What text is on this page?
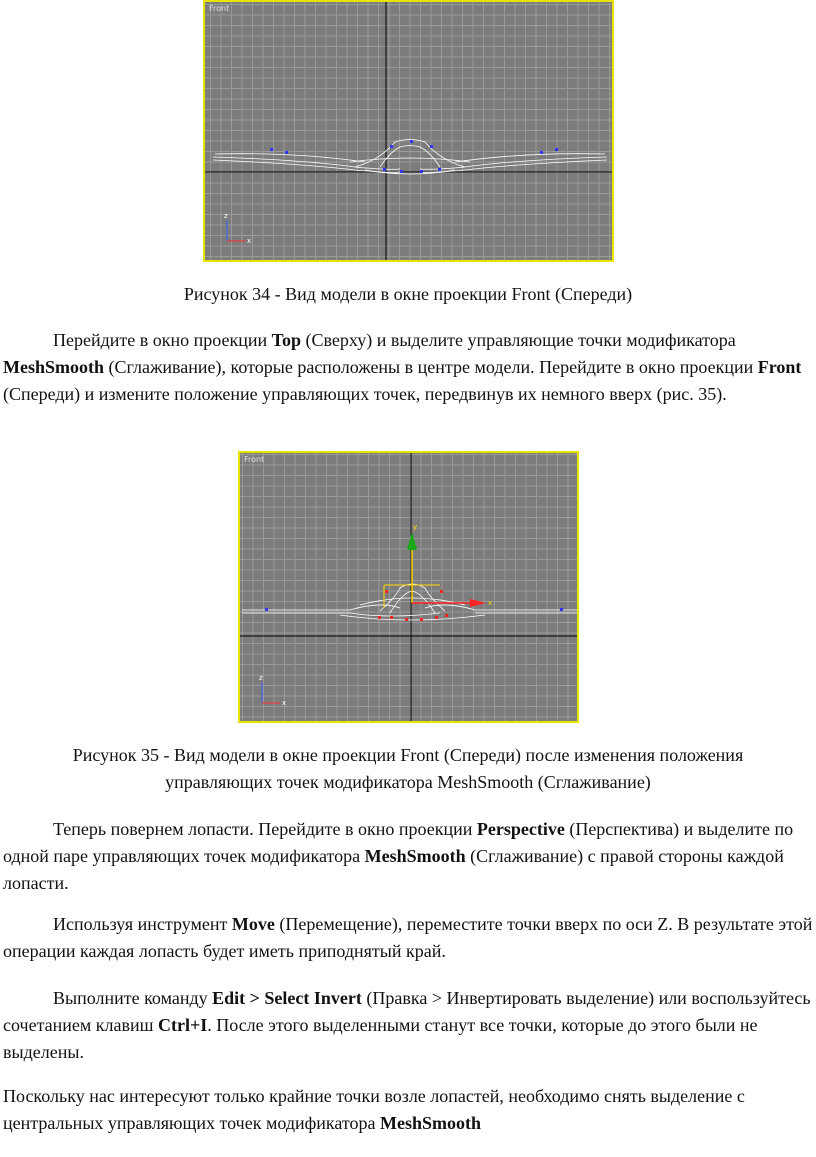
Front
z
x
Рисунок 34 - Вид модели в окне проекции Front (Спереди)

Перейдите в окно проекции Top (Сверху) и выделите управляющие точки модификатора MeshSmooth (Сглаживание), которые расположены в центре модели. Перейдите в окно проекции Front (Спереди) и измените положение управляющих точек, передвинув их немного вверх (рис. 35).

Front
y
x
z
x
Рисунок 35 - Вид модели в окне проекции Front (Спереди) после изменения положения
управляющих точек модификатора MeshSmooth (Сглаживание)

Теперь повернем лопасти. Перейдите в окно проекции Perspective (Перспектива) и выделите по одной паре управляющих точек модификатора MeshSmooth (Сглаживание) с правой стороны каждой лопасти.

Используя инструмент Move (Перемещение), переместите точки вверх по оси Z. В результате этой операции каждая лопасть будет иметь приподнятый край.

Выполните команду Edit > Select Invert (Правка > Инвертировать выделение) или воспользуйтесь сочетанием клавиш Ctrl+I. После этого выделенными станут все точки, которые до этого были не выделены.

Поскольку нас интересуют только крайние точки возле лопастей, необходимо снять выделение с центральных управляющих точек модификатора MeshSmooth
